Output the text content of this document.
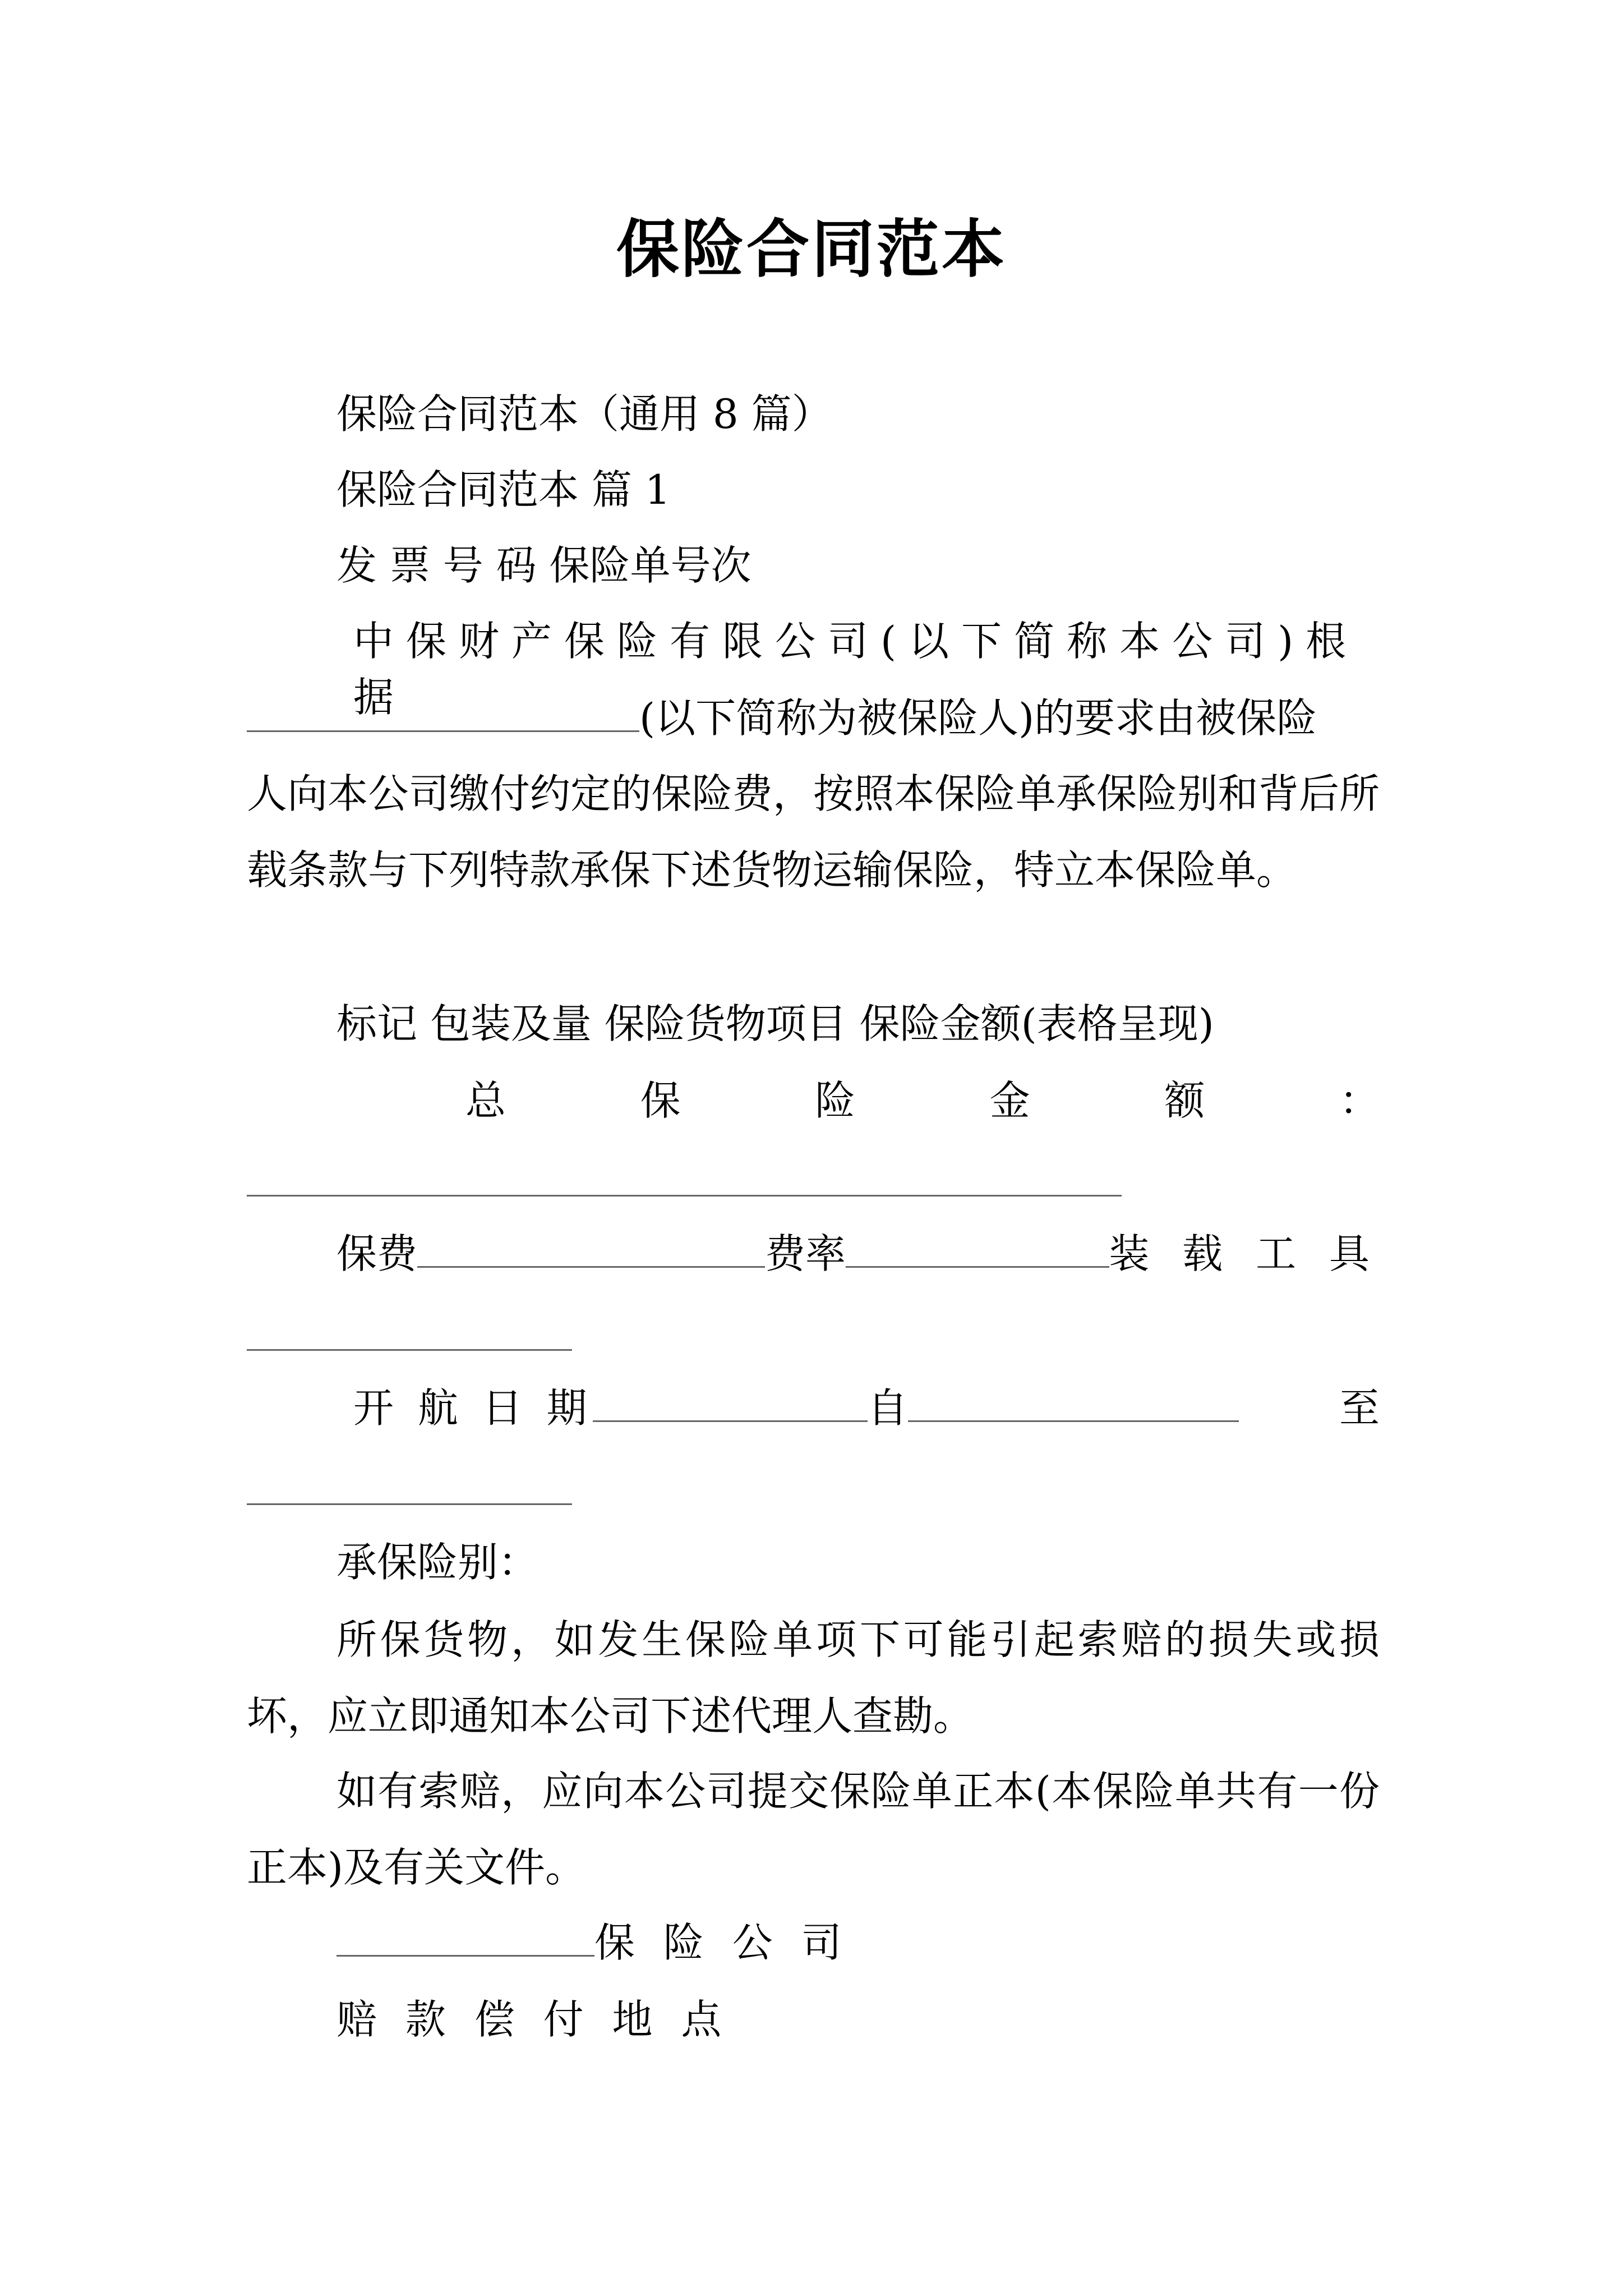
保险合同范本
保险合同范本（通用 8 篇）
保险合同范本 篇 1
发 票 号 码 保险单号次
中保财产保险有限公司(以下简称本公司)根据	(以下简称为被保险人)的要求由被保险
人向本公司缴付约定的保险费，按照本保险单承保险别和背后所载条款与下列特款承保下述货物运输保险，特立本保险单。
标记 包装及量 保险货物项目 保险金额(表格呈现)
总	保	险	金	额	：
保费	费率	装 载 工 具
开 航 日 期	自	至
承保险别：
所保货物，如发生保险单项下可能引起索赔的损失或损坏，应立即通知本公司下述代理人查勘。
如有索赔，应向本公司提交保险单正本(本保险单共有一份正本)及有关文件。
保 险 公 司
赔 款 偿 付 地 点
